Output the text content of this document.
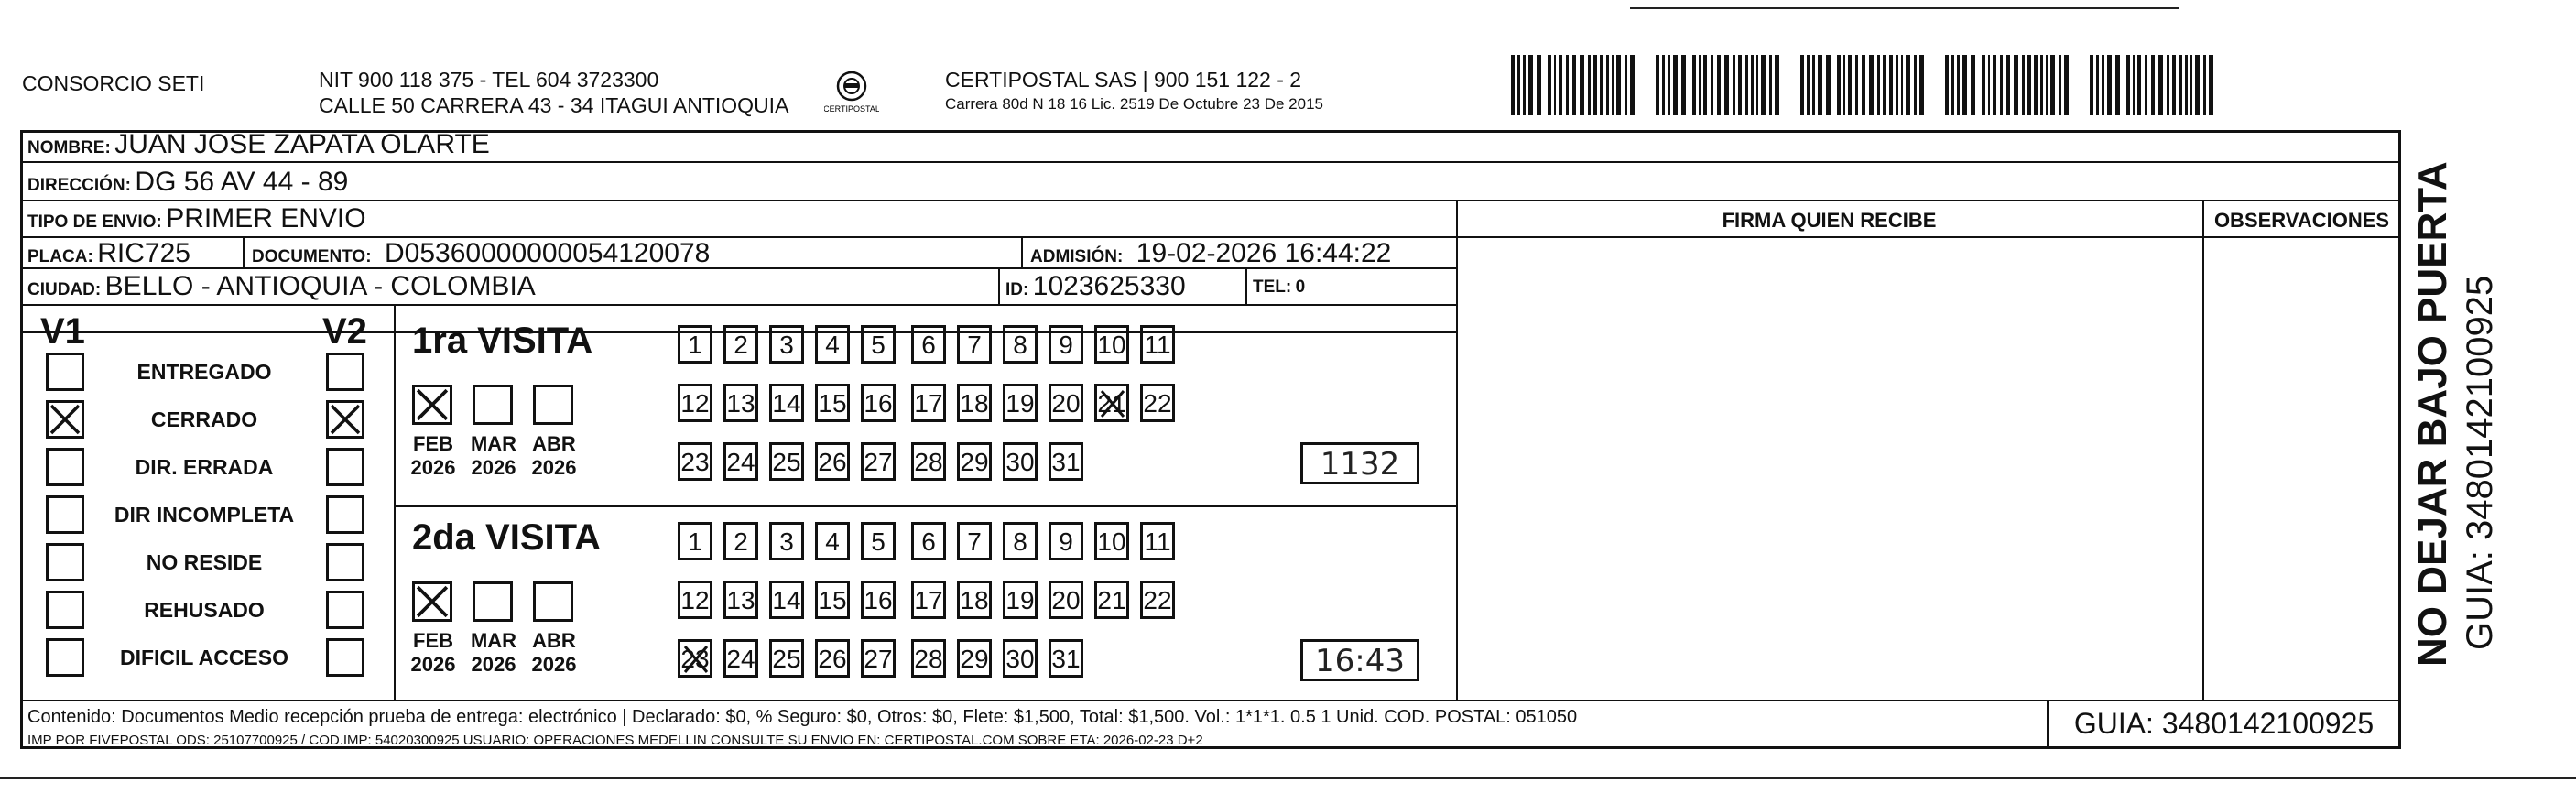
CONSORCIO SETI	NIT 900 118 375 - TEL 604 3723300
CALLE 50 CARRERA 43 - 34 ITAGUI ANTIOQUIA	CERTIPOSTAL
CERTIPOSTAL SAS | 900 151 122 - 2
Carrera 80d N 18 16 Lic. 2519 De Octubre 23 De 2015
NOMBRE: JUAN JOSE ZAPATA OLARTE
DIRECCIÓN: DG 56 AV 44 - 89
TIPO DE ENVIO: PRIMER ENVIO	FIRMA QUIEN RECIBE	OBSERVACIONES
PLACA: RIC725	DOCUMENTO: D05360000000054120078	ADMISIÓN: 19-02-2026 16:44:22
CIUDAD: BELLO - ANTIOQUIA - COLOMBIA	ID: 1023625330	TEL: 0
V1	V2
ENTREGADO
CERRADO
DIR. ERRADA
DIR INCOMPLETA
NO RESIDE
REHUSADO
DIFICIL ACCESO
1ra VISITA
FEB
2026
MAR
2026
ABR
2026
1	2	3	4	5	6	7	8	9 10 11
12 13 14 15 16 17 18 19 20 21 22
23 24 25 26 27 28 29 30 31	1132
2da VISITA
FEB
2026
MAR
2026
ABR
2026
1	2	3	4	5	6	7	8	9 10 11
12 13 14 15 16 17 18 19 20 21 22
23 24 25 26 27 28 29 30 31	16:43
Contenido: Documentos Medio recepción prueba de entrega: electrónico | Declarado: $0, % Seguro: $0, Otros: $0, Flete: $1,500, Total: $1,500. Vol.: 1*1*1. 0.5 1 Unid. COD. POSTAL: 051050
IMP POR FIVEPOSTAL ODS: 25107700925 / COD.IMP: 54020300925 USUARIO: OPERACIONES MEDELLIN CONSULTE SU ENVIO EN: CERTIPOSTAL.COM SOBRE ETA: 2026-02-23 D+2
GUIA: 3480142100925
NO DEJAR BAJO PUERTA GUIA: 3480142100925
